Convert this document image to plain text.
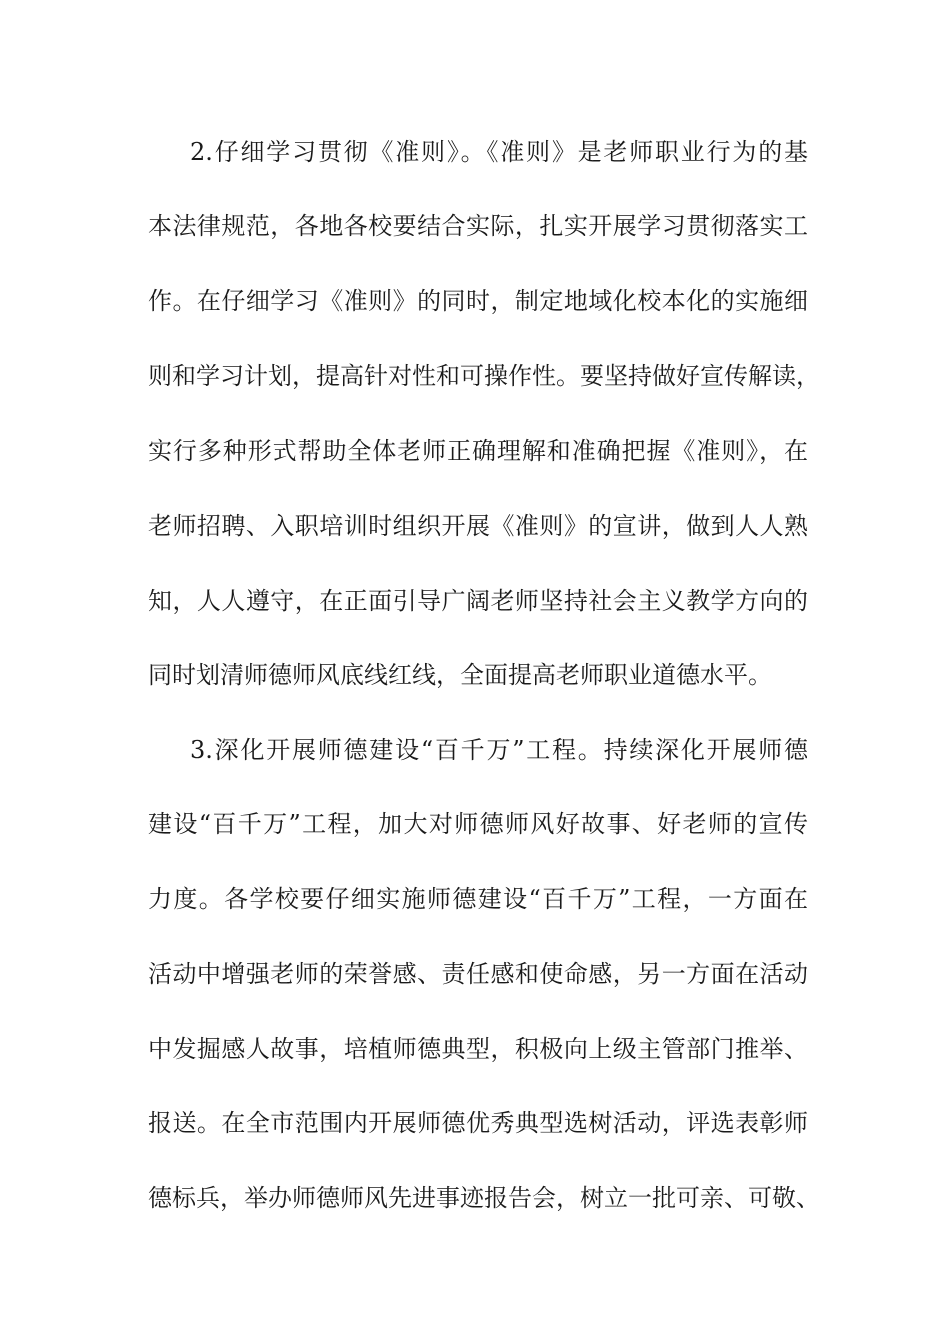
2.仔细学习贯彻《准则》。《准则》是老师职业行为的基
本法律规范，各地各校要结合实际，扎实开展学习贯彻落实工
作。在仔细学习《准则》的同时，制定地域化校本化的实施细
则和学习计划，提高针对性和可操作性。要坚持做好宣传解读，
实行多种形式帮助全体老师正确理解和准确把握《准则》，在
老师招聘、入职培训时组织开展《准则》的宣讲，做到人人熟
知，人人遵守，在正面引导广阔老师坚持社会主义教学方向的
同时划清师德师风底线红线，全面提高老师职业道德水平。
3.深化开展师德建设“百千万”工程。持续深化开展师德
建设“百千万”工程，加大对师德师风好故事、好老师的宣传
力度。各学校要仔细实施师德建设“百千万”工程，一方面在
活动中增强老师的荣誉感、责任感和使命感，另一方面在活动
中发掘感人故事，培植师德典型，积极向上级主管部门推举、
报送。在全市范围内开展师德优秀典型选树活动，评选表彰师
德标兵，举办师德师风先进事迹报告会，树立一批可亲、可敬、
